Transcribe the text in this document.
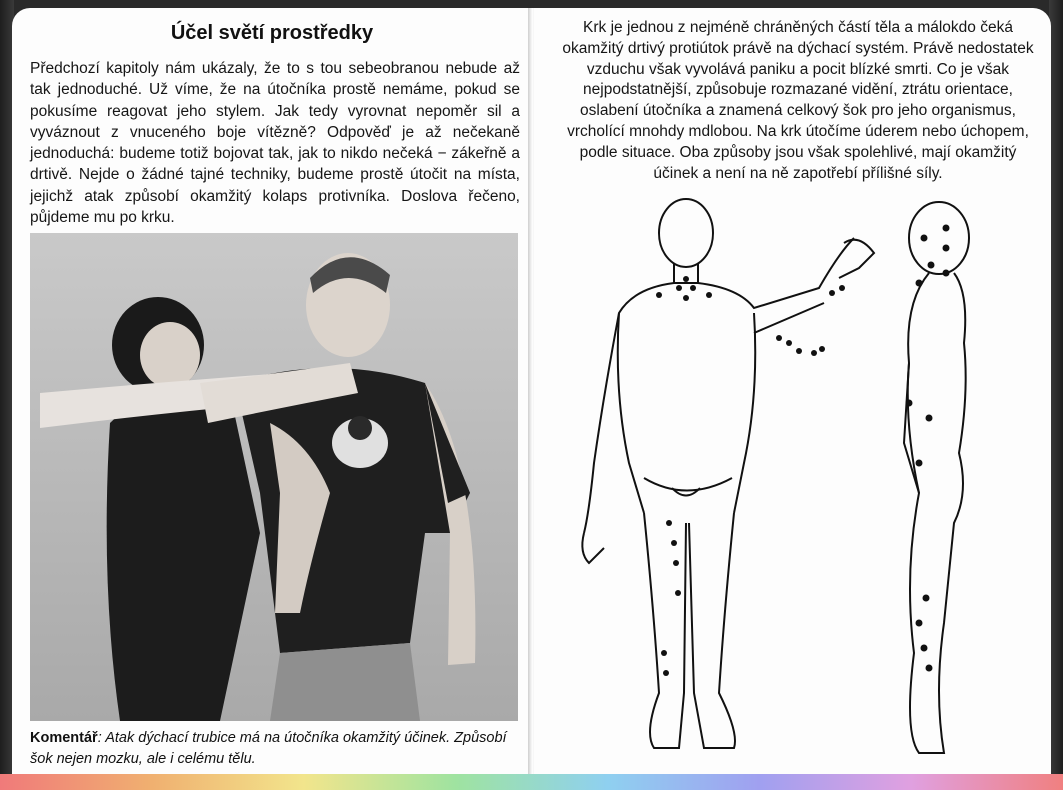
Účel světí prostředky

Předchozí kapitoly nám ukázaly, že to s tou sebeobranou nebude až tak jednoduché. Už víme, že na útočníka prostě nemáme, pokud se pokusíme reagovat jeho stylem. Jak tedy vyrovnat nepoměr sil a vyváznout z vnuceného boje vítězně? Odpověď je až nečekaně jednoduchá: budeme totiž bojovat tak, jak to nikdo nečeká − zákeřně a drtivě. Nejde o žádné tajné techniky, budeme prostě útočit na místa, jejichž atak způsobí okamžitý kolaps protivníka. Doslova řečeno, půjdeme mu po krku.

Komentář: Atak dýchací trubice má na útočníka okamžitý účinek. Způsobí šok nejen mozku, ale i celému tělu.

Krk je jednou z nejméně chráněných částí těla a málokdo čeká okamžitý drtivý protiútok právě na dýchací systém. Právě nedostatek vzduchu však vyvolává paniku a pocit blízké smrti. Co je však nejpodstatnější, způsobuje rozmazané vidění, ztrátu orientace, oslabení útočníka a znamená celkový šok pro jeho organismus, vrcholící mnohdy mdlobou. Na krk útočíme úderem nebo úchopem, podle situace. Oba způsoby jsou však spolehlivé, mají okamžitý účinek a není na ně zapotřebí přílišné síly.
